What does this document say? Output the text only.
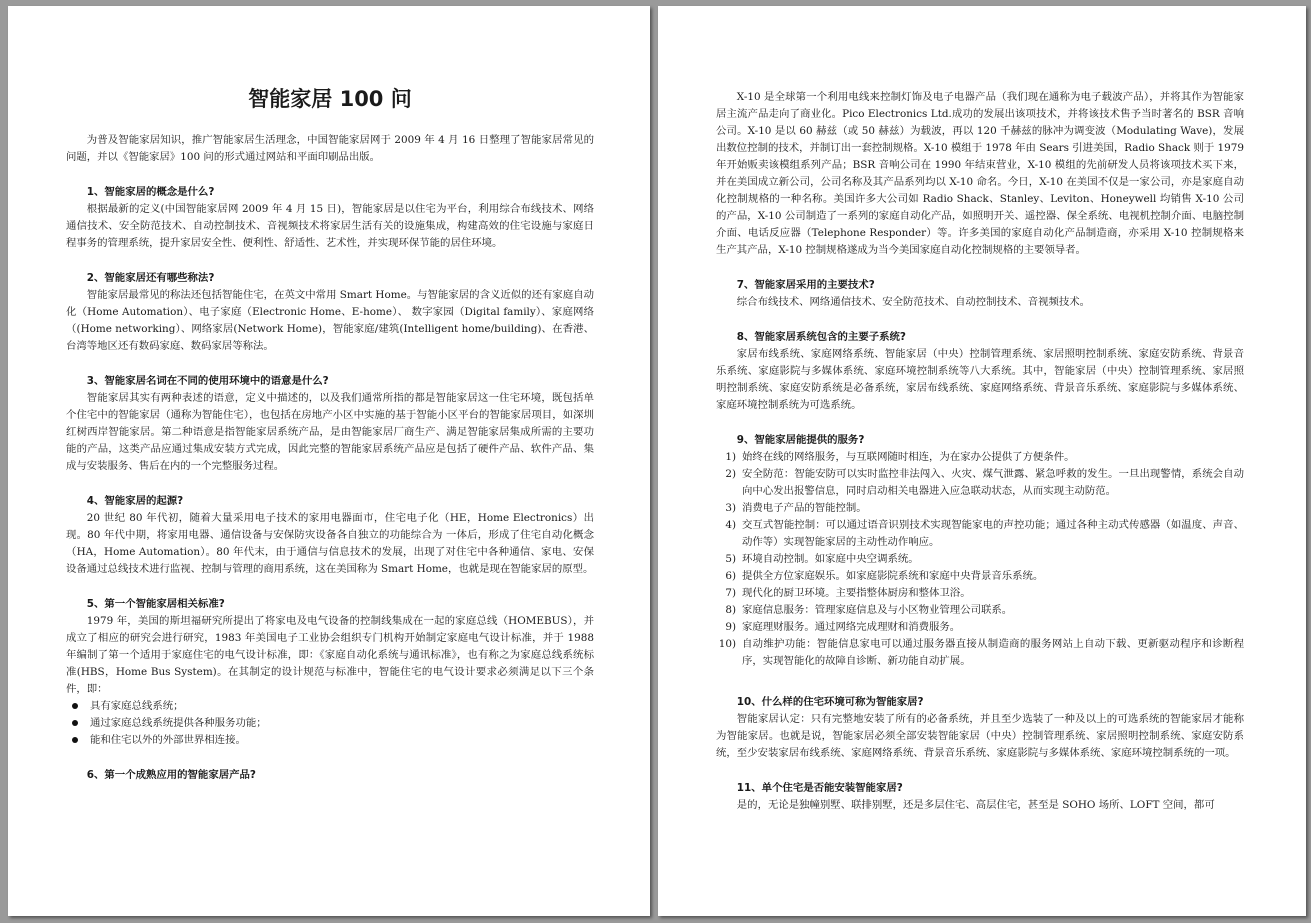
智能家居 100 问

为普及智能家居知识，推广智能家居生活理念，中国智能家居网于 2009 年 4 月 16 日整理了智能家居常见的问题，并以《智能家居》100 问的形式通过网站和平面印刷品出版。

1、智能家居的概念是什么?

根据最新的定义(中国智能家居网 2009 年 4 月 15 日)，智能家居是以住宅为平台，利用综合布线技术、网络通信技术、安全防范技术、自动控制技术、音视频技术将家居生活有关的设施集成，构建高效的住宅设施与家庭日程事务的管理系统，提升家居安全性、便利性、舒适性、艺术性，并实现环保节能的居住环境。

2、智能家居还有哪些称法?

智能家居最常见的称法还包括智能住宅，在英文中常用 Smart Home。与智能家居的含义近似的还有家庭自动化（Home Automation）、电子家庭（Electronic Home、E-home）、 数字家园（Digital family）、家庭网络（(Home networking）、网络家居(Network Home)，智能家庭/建筑(Intelligent home/building)、在香港、台湾等地区还有数码家庭、数码家居等称法。

3、智能家居名词在不同的使用环境中的语意是什么?

智能家居其实有两种表述的语意，定义中描述的，以及我们通常所指的都是智能家居这一住宅环境，既包括单个住宅中的智能家居（通称为智能住宅），也包括在房地产小区中实施的基于智能小区平台的智能家居项目，如深圳红树西岸智能家居。第二种语意是指智能家居系统产品，是由智能家居厂商生产、满足智能家居集成所需的主要功能的产品，这类产品应通过集成安装方式完成，因此完整的智能家居系统产品应是包括了硬件产品、软件产品、集成与安装服务、售后在内的一个完整服务过程。

4、智能家居的起源?

20 世纪 80 年代初，随着大量采用电子技术的家用电器面市，住宅电子化（HE，Home Electronics）出现。80 年代中期，将家用电器、通信设备与安保防灾设备各自独立的功能综合为 一体后，形成了住宅自动化概念（HA，Home Automation）。80 年代末，由于通信与信息技术的发展，出现了对住宅中各种通信、家电、安保设备通过总线技术进行监视、控制与管理的商用系统，这在美国称为 Smart Home，也就是现在智能家居的原型。

5、第一个智能家居相关标准?

1979 年，美国的斯坦福研究所提出了将家电及电气设备的控制线集成在一起的家庭总线（HOMEBUS），并成立了相应的研究会进行研究，1983 年美国电子工业协会组织专门机构开始制定家庭电气设计标准，并于 1988 年编制了第一个适用于家庭住宅的电气设计标准，即：《家庭自动化系统与通讯标准》，也有称之为家庭总线系统标准(HBS，Home Bus System)。在其制定的设计规范与标准中，智能住宅的电气设计要求必须满足以下三个条件，即：

具有家庭总线系统；
通过家庭总线系统提供各种服务功能；
能和住宅以外的外部世界相连接。

6、第一个成熟应用的智能家居产品?

X-10 是全球第一个利用电线来控制灯饰及电子电器产品（我们现在通称为电子载波产品），并将其作为智能家居主流产品走向了商业化。Pico Electronics Ltd.成功的发展出该项技术，并将该技术售予当时著名的 BSR 音响公司。X-10 是以 60 赫兹（或 50 赫兹）为载波，再以 120 千赫兹的脉冲为调变波（Modulating Wave)，发展出数位控制的技术，并制订出一套控制规格。X-10 模组于 1978 年由 Sears 引进美国，Radio Shack 则于 1979 年开始贩卖该模组系列产品；BSR 音响公司在 1990 年结束营业，X-10 模组的先前研发人员将该项技术买下来，并在美国成立新公司，公司名称及其产品系列均以 X-10 命名。今日，X-10 在美国不仅是一家公司，亦是家庭自动化控制规格的一种名称。美国许多大公司如 Radio Shack、Stanley、Leviton、Honeywell 均销售 X-10 公司的产品，X-10 公司制造了一系列的家庭自动化产品，如照明开关、遥控器、保全系统、电视机控制介面、电脑控制介面、电话反应器（Telephone Responder）等。许多美国的家庭自动化产品制造商，亦采用 X-10 控制规格来生产其产品，X-10 控制规格遂成为当今美国家庭自动化控制规格的主要领导者。

7、智能家居采用的主要技术?

综合布线技术、网络通信技术、安全防范技术、自动控制技术、音视频技术。

8、智能家居系统包含的主要子系统?

家居布线系统、家庭网络系统、智能家居（中央）控制管理系统、家居照明控制系统、家庭安防系统、背景音乐系统、家庭影院与多媒体系统、家庭环境控制系统等八大系统。其中，智能家居（中央）控制管理系统、家居照明控制系统、家庭安防系统是必备系统，家居布线系统、家庭网络系统、背景音乐系统、家庭影院与多媒体系统、家庭环境控制系统为可选系统。

9、智能家居能提供的服务?

1) 始终在线的网络服务，与互联网随时相连，为在家办公提供了方便条件。
2) 安全防范：智能安防可以实时监控非法闯入、火灾、煤气泄露、紧急呼救的发生。一旦出现警情，系统会自动向中心发出报警信息，同时启动相关电器进入应急联动状态，从而实现主动防范。
3) 消费电子产品的智能控制。
4) 交互式智能控制：可以通过语音识别技术实现智能家电的声控功能；通过各种主动式传感器（如温度、声音、动作等）实现智能家居的主动性动作响应。
5) 环境自动控制。如家庭中央空调系统。
6) 提供全方位家庭娱乐。如家庭影院系统和家庭中央背景音乐系统。
7) 现代化的厨卫环境。主要指整体厨房和整体卫浴。
8) 家庭信息服务：管理家庭信息及与小区物业管理公司联系。
9) 家庭理财服务。通过网络完成理财和消费服务。
10) 自动维护功能：智能信息家电可以通过服务器直接从制造商的服务网站上自动下载、更新驱动程序和诊断程序，实现智能化的故障自诊断、新功能自动扩展。

10、什么样的住宅环境可称为智能家居?

智能家居认定：只有完整地安装了所有的必备系统，并且至少选装了一种及以上的可选系统的智能家居才能称为智能家居。也就是说，智能家居必须全部安装智能家居（中央）控制管理系统、家居照明控制系统、家庭安防系统，至少安装家居布线系统、家庭网络系统、背景音乐系统、家庭影院与多媒体系统、家庭环境控制系统的一项。

11、单个住宅是否能安装智能家居?

是的，无论是独幢别墅、联排别墅，还是多层住宅、高层住宅，甚至是 SOHO 场所、LOFT 空间，都可
